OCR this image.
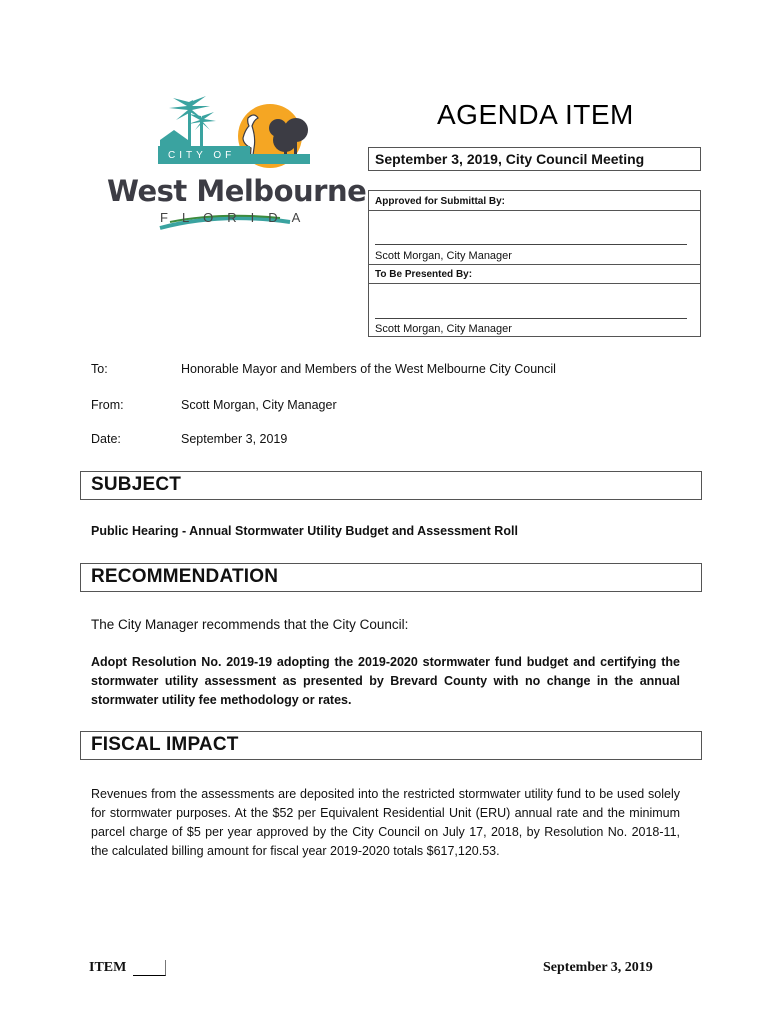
CITY OF
West Melbourne
FLORIDA
AGENDA ITEM
September 3, 2019, City Council Meeting
Approved for Submittal By:
Scott Morgan, City Manager
To Be Presented By:
Scott Morgan, City Manager
To:	Honorable Mayor and Members of the West Melbourne City Council
From:	Scott Morgan, City Manager
Date:	September 3, 2019
SUBJECT
Public Hearing - Annual Stormwater Utility Budget and Assessment Roll
RECOMMENDATION
The City Manager recommends that the City Council:
Adopt Resolution No. 2019-19 adopting the 2019-2020 stormwater fund budget and certifying the stormwater utility assessment as presented by Brevard County with no change in the annual stormwater utility fee methodology or rates.
FISCAL IMPACT
Revenues from the assessments are deposited into the restricted stormwater utility fund to be used solely for stormwater purposes. At the $52 per Equivalent Residential Unit (ERU) annual rate and the minimum parcel charge of $5 per year approved by the City Council on July 17, 2018, by Resolution No. 2018-11, the calculated billing amount for fiscal year 2019-2020 totals $617,120.53.
ITEM	September 3, 2019
